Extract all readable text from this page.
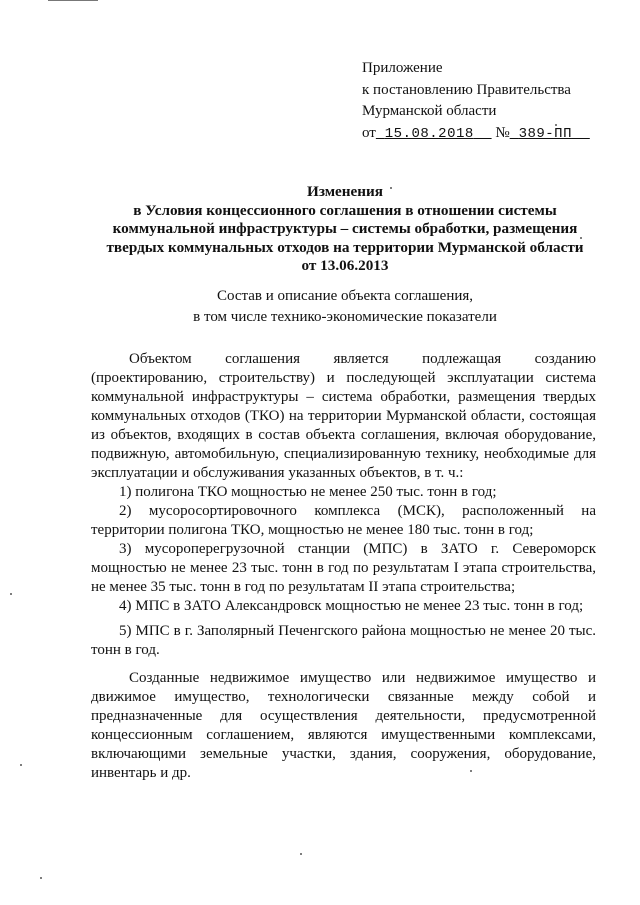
Приложение
к постановлению Правительства
Мурманской области
от 15.08.2018 № 389-ПП
Изменения
в Условия концессионного соглашения в отношении системы
коммунальной инфраструктуры – системы обработки, размещения
твердых коммунальных отходов на территории Мурманской области
от 13.06.2013
Состав и описание объекта соглашения,
в том числе технико-экономические показатели

Объектом соглашения является подлежащая созданию (проектированию, строительству) и последующей эксплуатации система коммунальной инфраструктуры – система обработки, размещения твердых коммунальных отходов (ТКО) на территории Мурманской области, состоящая из объектов, входящих в состав объекта соглашения, включая оборудование, подвижную, автомобильную, специализированную технику, необходимые для эксплуатации и обслуживания указанных объектов, в т. ч.:

1) полигона ТКО мощностью не менее 250 тыс. тонн в год;

2) мусоросортировочного комплекса (МСК), расположенный на территории полигона ТКО, мощностью не менее 180 тыс. тонн в год;

3) мусороперегрузочной станции (МПС) в ЗАТО г. Североморск мощностью не менее 23 тыс. тонн в год по результатам I этапа строительства, не менее 35 тыс. тонн в год по результатам II этапа строительства;

4) МПС в ЗАТО Александровск мощностью не менее 23 тыс. тонн в год;

5) МПС в г. Заполярный Печенгского района мощностью не менее 20 тыс. тонн в год.

Созданные недвижимое имущество или недвижимое имущество и движимое имущество, технологически связанные между собой и предназначенные для осуществления деятельности, предусмотренной концессионным соглашением, являются имущественными комплексами, включающими земельные участки, здания, сооружения, оборудование, инвентарь и др.
